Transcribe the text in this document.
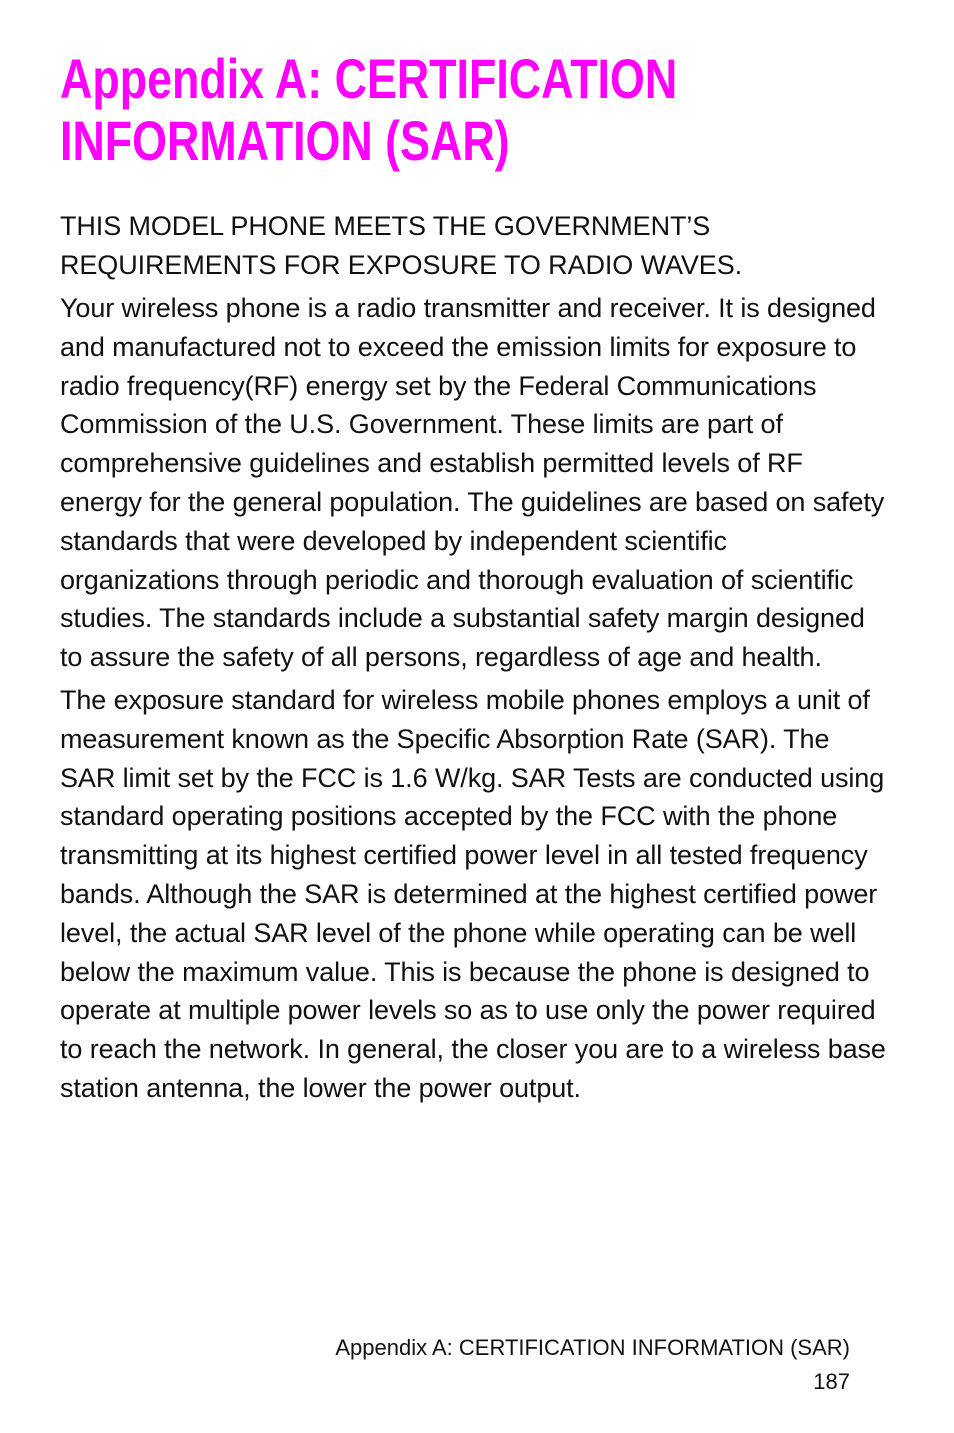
Appendix A: CERTIFICATION
INFORMATION (SAR)

THIS MODEL PHONE MEETS THE GOVERNMENT’S REQUIREMENTS FOR EXPOSURE TO RADIO WAVES.

Your wireless phone is a radio transmitter and receiver. It is designed and manufactured not to exceed the emission limits for exposure to radio frequency(RF) energy set by the Federal Communications Commission of the U.S. Government. These limits are part of comprehensive guidelines and establish permitted levels of RF energy for the general population. The guidelines are based on safety standards that were developed by independent scientific organizations through periodic and thorough evaluation of scientific studies. The standards include a substantial safety margin designed to assure the safety of all persons, regardless of age and health.

The exposure standard for wireless mobile phones employs a unit of measurement known as the Specific Absorption Rate (SAR). The SAR limit set by the FCC is 1.6 W/kg. SAR Tests are conducted using standard operating positions accepted by the FCC with the phone transmitting at its highest certified power level in all tested frequency bands. Although the SAR is determined at the highest certified power level, the actual SAR level of the phone while operating can be well below the maximum value. This is because the phone is designed to operate at multiple power levels so as to use only the power required to reach the network. In general, the closer you are to a wireless base station antenna, the lower the power output.

Appendix A: CERTIFICATION INFORMATION (SAR)

187
